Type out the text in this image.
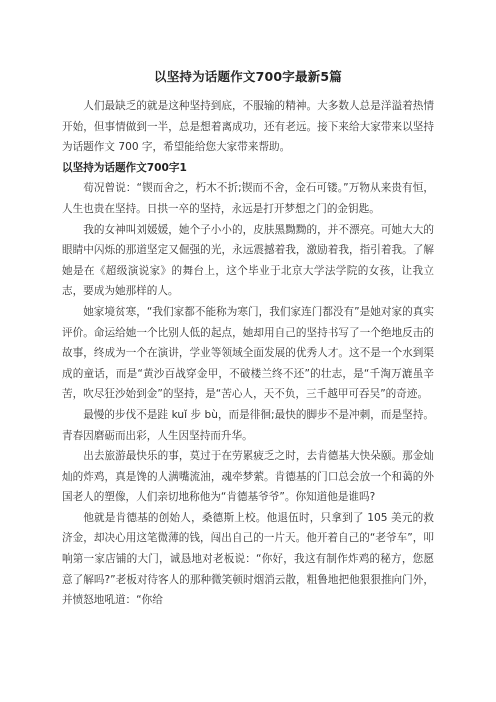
以坚持为话题作文700字最新5篇

人们最缺乏的就是这种坚持到底，不服输的精神。大多数人总是洋溢着热情开始，但事情做到一半，总是想着离成功，还有老远。接下来给大家带来以坚持为话题作文 700 字，希望能给您大家带来帮助。

以坚持为话题作文700字1

荀况曾说：“锲而舍之，朽木不折;锲而不舍，金石可镂。”万物从来贵有恒，人生也贵在坚持。日拱一卒的坚持，永远是打开梦想之门的金钥匙。

我的女神叫刘媛媛，她个子小小的，皮肤黑黝黝的，并不漂亮。可她大大的眼睛中闪烁的那道坚定又倔强的光，永远震撼着我，激励着我，指引着我。了解她是在《超级演说家》的舞台上，这个毕业于北京大学法学院的女孩，让我立志，要成为她那样的人。

她家境贫寒，“我们家都不能称为寒门，我们家连门都没有”是她对家的真实评价。命运给她一个比别人低的起点，她却用自己的坚持书写了一个绝地反击的故事，终成为一个在演讲，学业等领域全面发展的优秀人才。这不是一个水到渠成的童话，而是“黄沙百战穿金甲，不破楼兰终不还”的壮志，是“千淘万漉虽辛苦，吹尽狂沙始到金”的坚持，是“苦心人，天不负，三千越甲可吞吴”的奇迹。

最慢的步伐不是跬 kuǐ 步 bù，而是徘徊;最快的脚步不是冲刺，而是坚持。青春因磨砺而出彩，人生因坚持而升华。

出去旅游最快乐的事，莫过于在劳累疲乏之时，去肯德基大快朵颐。那金灿灿的炸鸡，真是馋的人满嘴流油，魂牵梦萦。肯德基的门口总会放一个和蔼的外国老人的塑像，人们亲切地称他为“肯德基爷爷”。你知道他是谁吗?

他就是肯德基的创始人，桑德斯上校。他退伍时，只拿到了 105 美元的救济金，却决心用这笔微薄的钱，闯出自己的一片天。他开着自己的“老爷车”，叩响第一家店铺的大门，诚恳地对老板说：“你好，我这有制作炸鸡的秘方，您愿意了解吗?”老板对待客人的那种微笑顿时烟消云散，粗鲁地把他狠狠推向门外，并愤怒地吼道：“你给
